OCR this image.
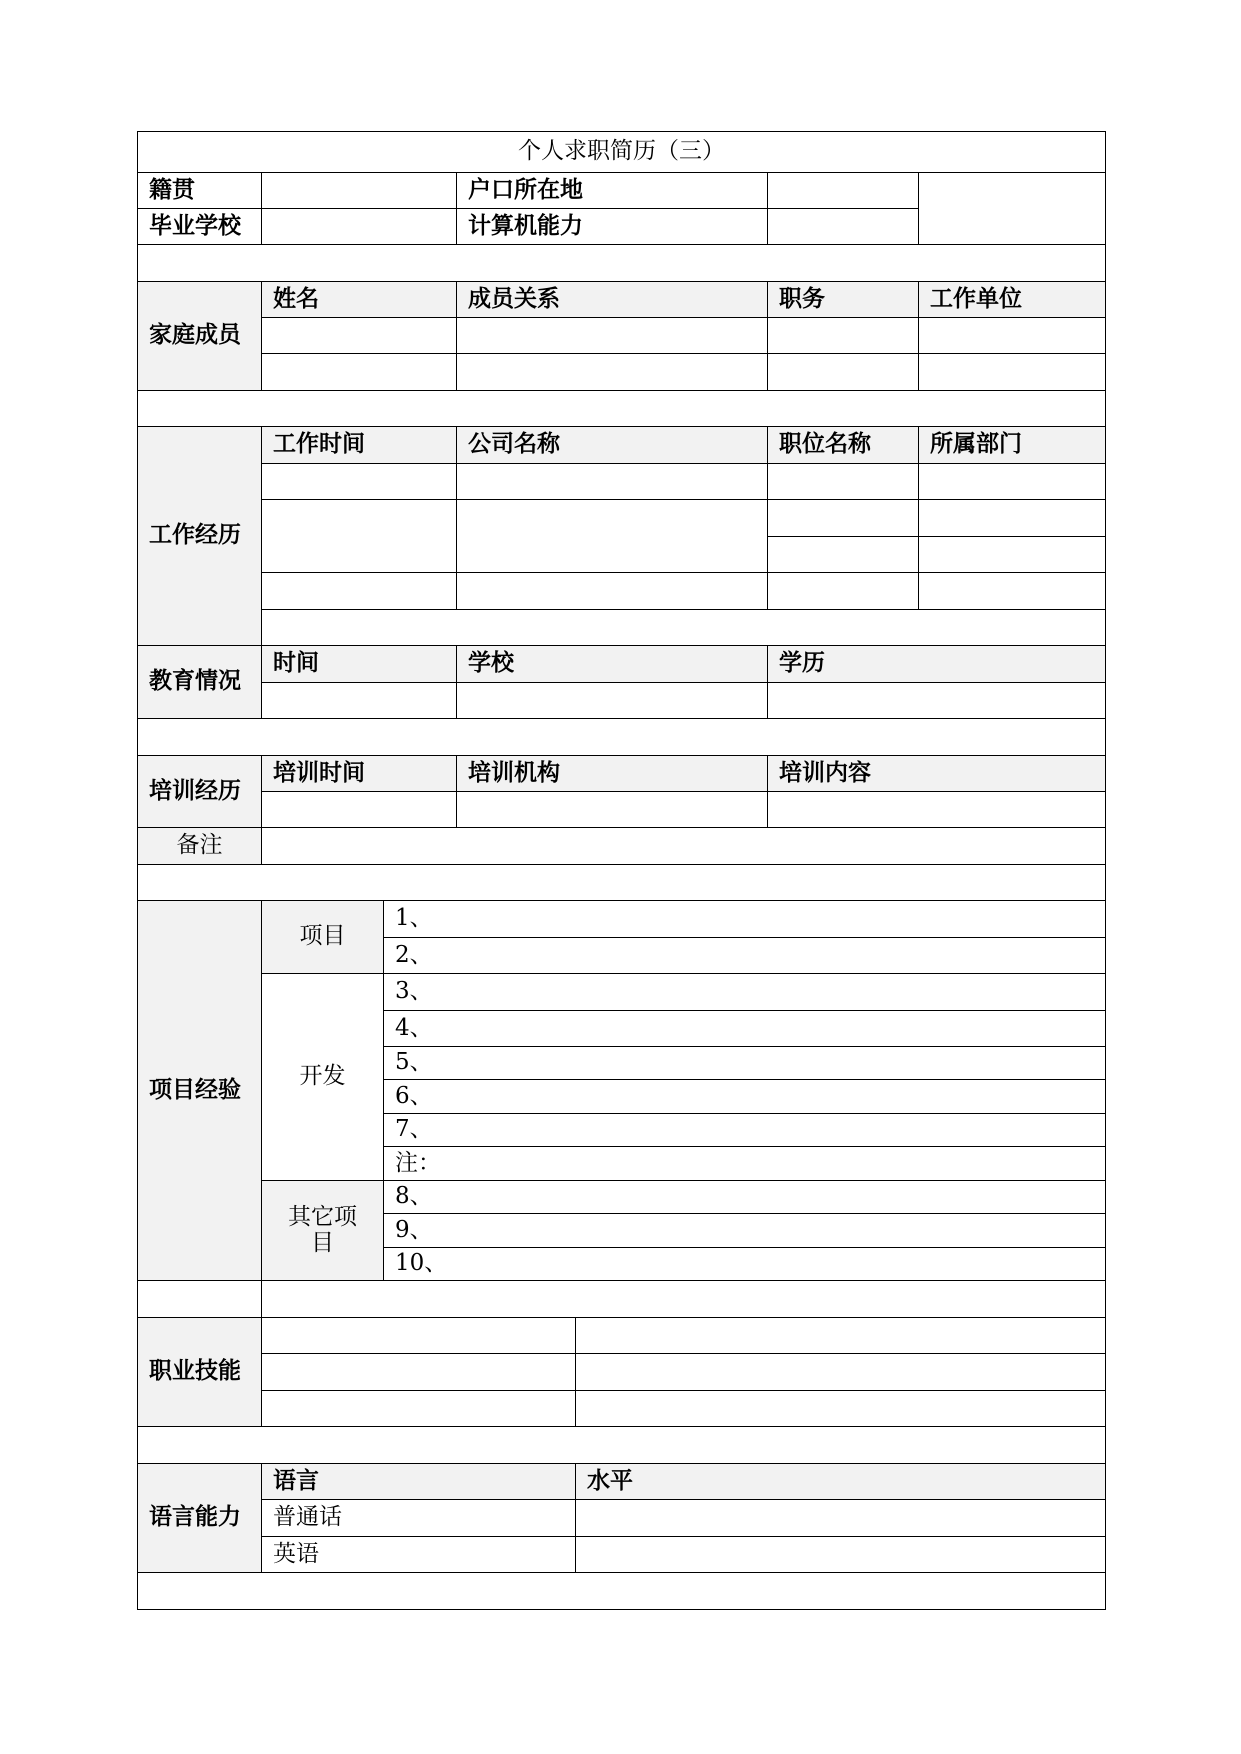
个人求职简历（三）						
籍贯			户口所在地			
毕业学校			计算机能力			

家庭成员	姓名		成员关系		职务	工作单位

工作经历	工作时间		公司名称		职位名称	所属部门

教育情况	时间		学校		学历	

培训经历	培训时间		培训机构		培训内容	

备注						

项目经验	项目	1、				
		2、				
	开发	3、				
		4、				
		5、				
		6、				
		7、				
		注：				
	其它项目	8、				
		9、				
		10、				

职业技能						

语言能力	语言			水平		
	普通话					
	英语					
